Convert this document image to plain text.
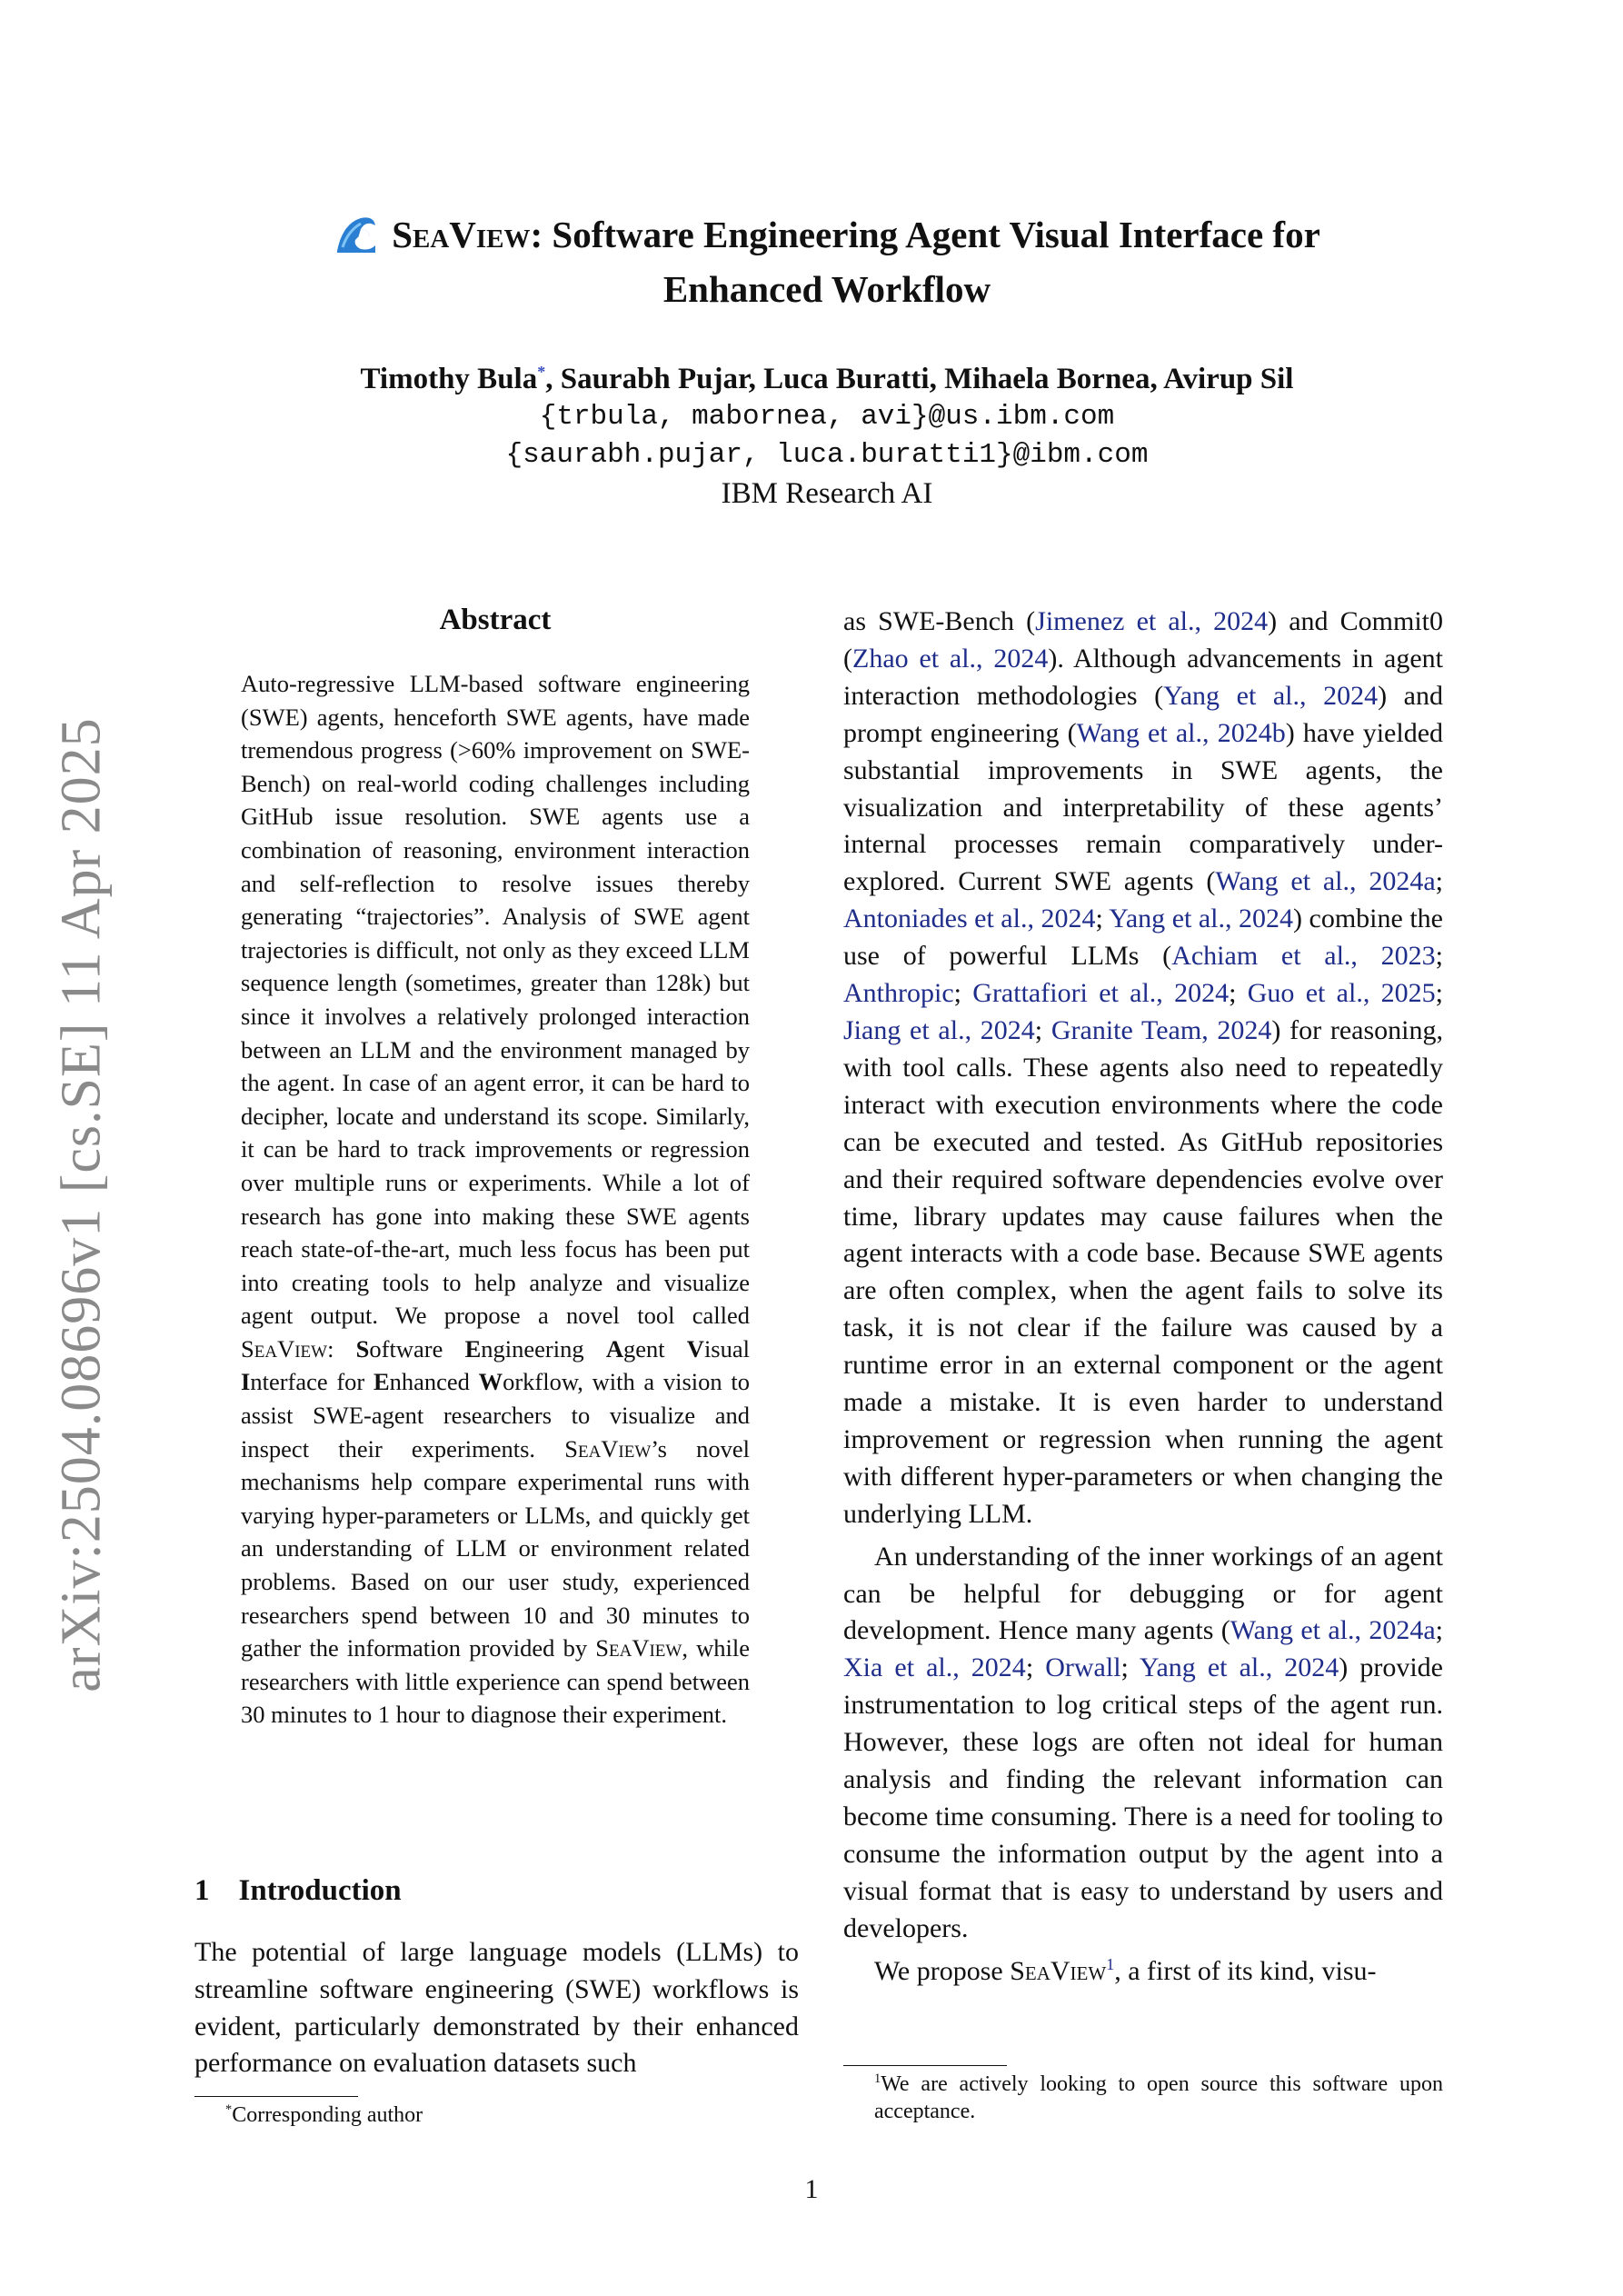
arXiv:2504.08696v1 [cs.SE] 11 Apr 2025
SeaView: Software Engineering Agent Visual Interface for
Enhanced Workflow
Timothy Bula*, Saurabh Pujar, Luca Buratti, Mihaela Bornea, Avirup Sil
{trbula, mabornea, avi}@us.ibm.com
{saurabh.pujar, luca.buratti1}@ibm.com
IBM Research AI
Abstract

Auto-regressive LLM-based software engineering (SWE) agents, henceforth SWE agents, have made tremendous progress (>60% improvement on SWE-Bench) on real-world coding challenges including GitHub issue resolution. SWE agents use a combination of reasoning, environment interaction and self-reflection to resolve issues thereby generating “trajectories”. Analysis of SWE agent trajectories is difficult, not only as they exceed LLM sequence length (sometimes, greater than 128k) but since it involves a relatively prolonged interaction between an LLM and the environment managed by the agent. In case of an agent error, it can be hard to decipher, locate and understand its scope. Similarly, it can be hard to track improvements or regression over multiple runs or experiments. While a lot of research has gone into making these SWE agents reach state-of-the-art, much less focus has been put into creating tools to help analyze and visualize agent output. We propose a novel tool called SeaView: Software Engineering Agent Visual Interface for Enhanced Workflow, with a vision to assist SWE-agent researchers to visualize and inspect their experiments. SeaView’s novel mechanisms help compare experimental runs with varying hyper-parameters or LLMs, and quickly get an understanding of LLM or environment related problems. Based on our user study, experienced researchers spend between 10 and 30 minutes to gather the information provided by SeaView, while researchers with little experience can spend between 30 minutes to 1 hour to diagnose their experiment.

1 Introduction

The potential of large language models (LLMs) to streamline software engineering (SWE) workflows is evident, particularly demonstrated by their enhanced performance on evaluation datasets such

as SWE-Bench (Jimenez et al., 2024) and Commit0 (Zhao et al., 2024). Although advancements in agent interaction methodologies (Yang et al., 2024) and prompt engineering (Wang et al., 2024b) have yielded substantial improvements in SWE agents, the visualization and interpretability of these agents’ internal processes remain comparatively under-explored. Current SWE agents (Wang et al., 2024a; Antoniades et al., 2024; Yang et al., 2024) combine the use of powerful LLMs (Achiam et al., 2023; Anthropic; Grattafiori et al., 2024; Guo et al., 2025; Jiang et al., 2024; Granite Team, 2024) for reasoning, with tool calls. These agents also need to repeatedly interact with execution environments where the code can be executed and tested. As GitHub repositories and their required software dependencies evolve over time, library updates may cause failures when the agent interacts with a code base. Because SWE agents are often complex, when the agent fails to solve its task, it is not clear if the failure was caused by a runtime error in an external component or the agent made a mistake. It is even harder to understand improvement or regression when running the agent with different hyper-parameters or when changing the underlying LLM.

An understanding of the inner workings of an agent can be helpful for debugging or for agent development. Hence many agents (Wang et al., 2024a; Xia et al., 2024; Orwall; Yang et al., 2024) provide instrumentation to log critical steps of the agent run. However, these logs are often not ideal for human analysis and finding the relevant information can become time consuming. There is a need for tooling to consume the information output by the agent into a visual format that is easy to understand by users and developers.

We propose SeaView$^1$, a first of its kind, visu-

*Corresponding author
$^1$We are actively looking to open source this software upon acceptance.
1
